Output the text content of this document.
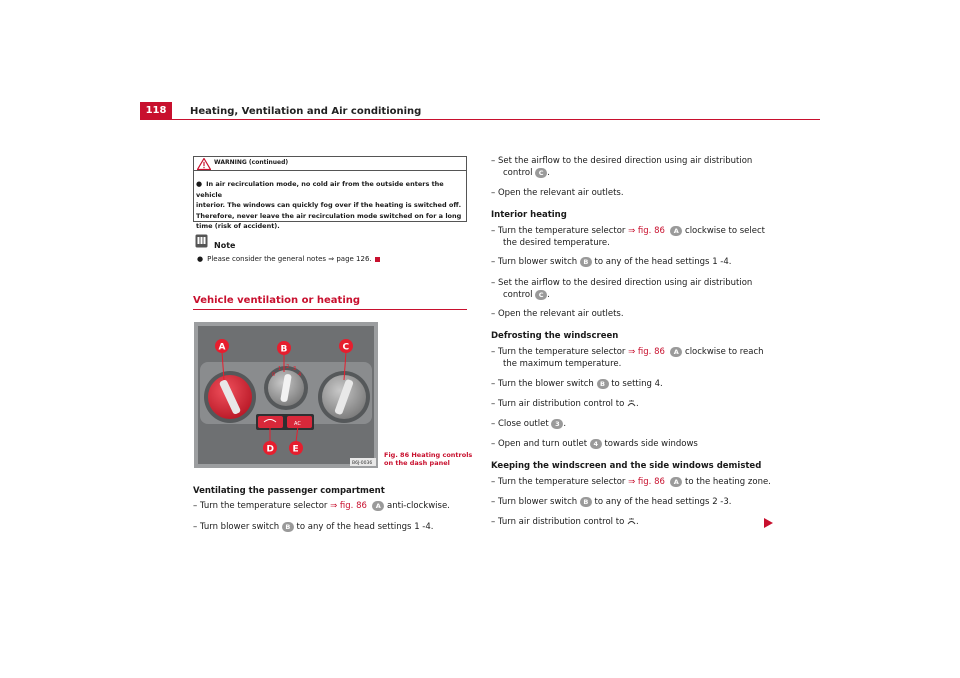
118	Heating, Ventilation and Air conditioning
WARNING (continued)
● In air recirculation mode, no cold air from the outside enters the vehicle
interior. The windows can quickly fog over if the heating is switched off.
Therefore, never leave the air recirculation mode switched on for a long
time (risk of accident).
Note
● Please consider the general notes ⇒ page 126.
Vehicle ventilation or heating
0
1 2 3
4
AC
A	B	C
D E
B6J-0036
Fig. 86 Heating controls
on the dash panel
Ventilating the passenger compartment
– Turn the temperature selector ⇒ fig. 86 A anti-clockwise.
– Turn blower switch B to any of the head settings 1 -4.
– Set the airflow to the desired direction using air distribution
control C .
– Open the relevant air outlets.
Interior heating
– Turn the temperature selector ⇒ fig. 86 A clockwise to select
the desired temperature.
– Turn blower switch B to any of the head settings 1 -4.
– Set the airflow to the desired direction using air distribution
control C .
– Open the relevant air outlets.
Defrosting the windscreen
– Turn the temperature selector ⇒ fig. 86 A clockwise to reach
the maximum temperature.
– Turn the blower switch B to setting 4.
– Turn air distribution control to .
– Close outlet 3 .
– Open and turn outlet 4 towards side windows
Keeping the windscreen and the side windows demisted
– Turn the temperature selector ⇒ fig. 86 A to the heating zone.
– Turn blower switch B to any of the head settings 2 -3.
– Turn air distribution control to .
